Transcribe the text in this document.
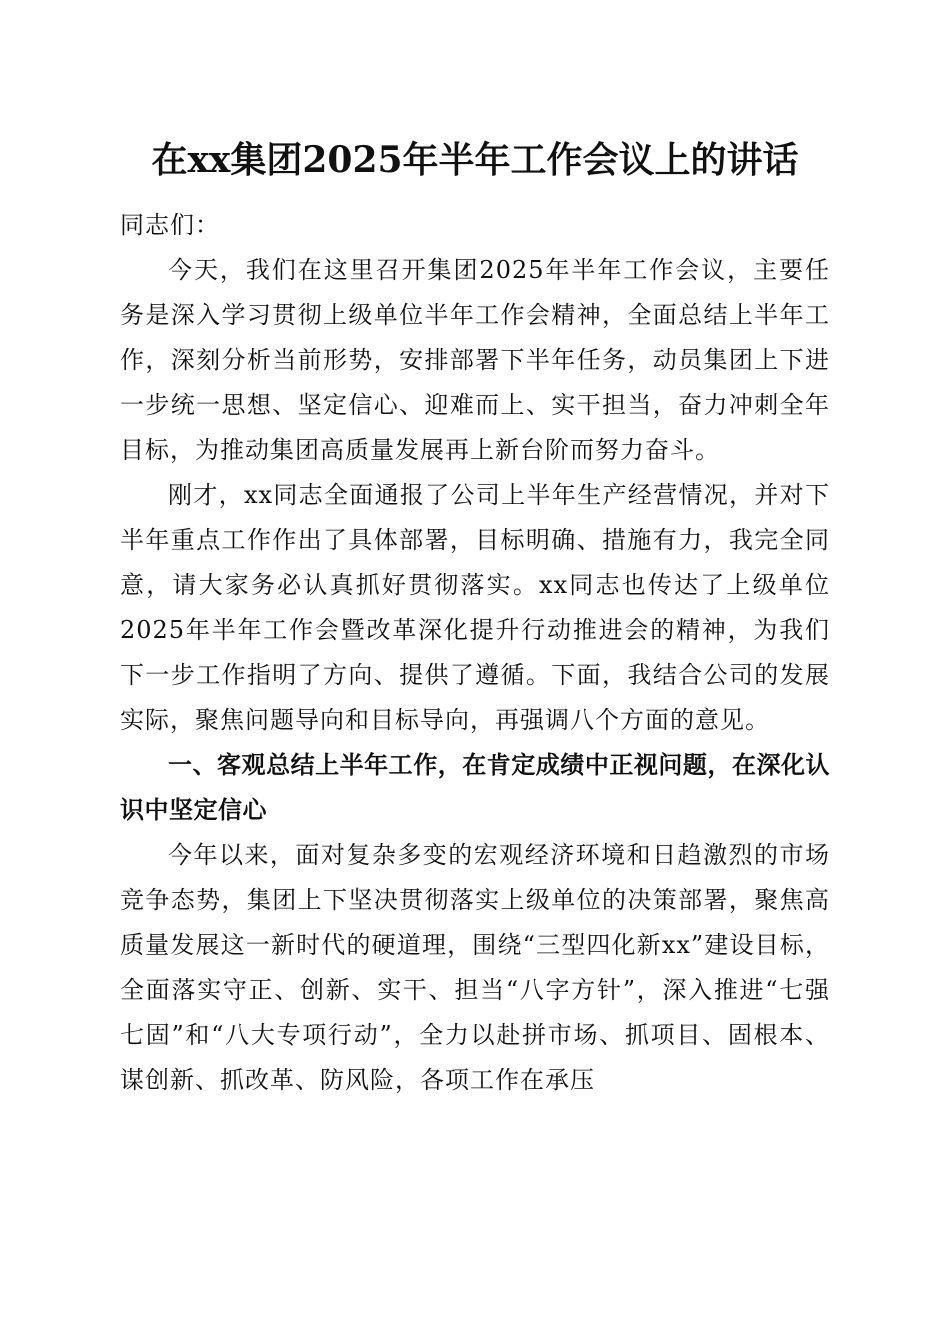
在xx集团2025年半年工作会议上的讲话

同志们：

今天，我们在这里召开集团2025年半年工作会议，主要任务是深入学习贯彻上级单位半年工作会精神，全面总结上半年工作，深刻分析当前形势，安排部署下半年任务，动员集团上下进一步统一思想、坚定信心、迎难而上、实干担当，奋力冲刺全年目标，为推动集团高质量发展再上新台阶而努力奋斗。

刚才，xx同志全面通报了公司上半年生产经营情况，并对下半年重点工作作出了具体部署，目标明确、措施有力，我完全同意，请大家务必认真抓好贯彻落实。xx同志也传达了上级单位2025年半年工作会暨改革深化提升行动推进会的精神，为我们下一步工作指明了方向、提供了遵循。下面，我结合公司的发展实际，聚焦问题导向和目标导向，再强调八个方面的意见。

一、客观总结上半年工作，在肯定成绩中正视问题，在深化认识中坚定信心

今年以来，面对复杂多变的宏观经济环境和日趋激烈的市场竞争态势，集团上下坚决贯彻落实上级单位的决策部署，聚焦高质量发展这一新时代的硬道理，围绕“三型四化新xx”建设目标，全面落实守正、创新、实干、担当“八字方针”，深入推进“七强七固”和“八大专项行动”，全力以赴拼市场、抓项目、固根本、谋创新、抓改革、防风险，各项工作在承压
